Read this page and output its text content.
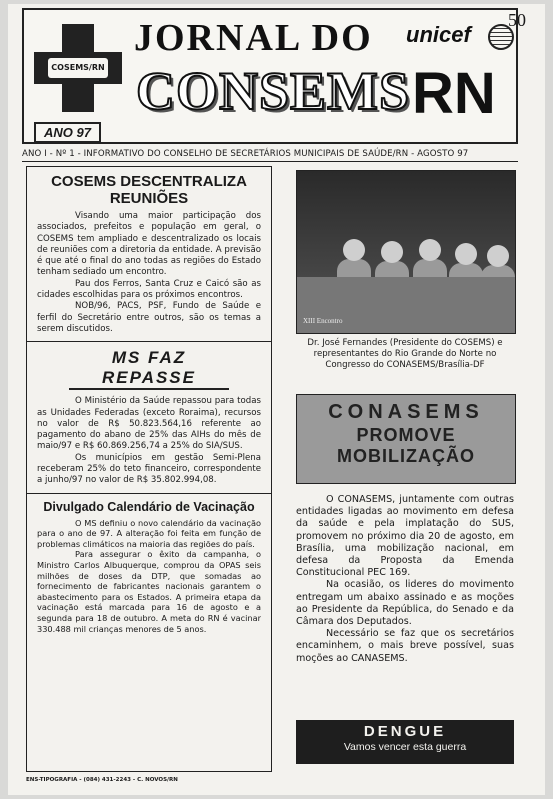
COSEMS/RN
ANO 97
JORNAL DO
CONSEMS RN
unicef
50
ANO I - Nº 1 - INFORMATIVO DO CONSELHO DE SECRETÁRIOS MUNICIPAIS DE SAÚDE/RN - AGOSTO 97
COSEMS DESCENTRALIZA REUNIÕES

Visando uma maior participação dos associados, prefeitos e população em geral, o COSEMS tem ampliado e descentralizado os locais de reuniões com a diretoria da entidade. A previsão é que até o final do ano todas as regiões do Estado tenham sediado um encontro.

Pau dos Ferros, Santa Cruz e Caicó são as cidades escolhidas para os próximos encontros.

NOB/96, PACS, PSF, Fundo de Saúde e ferfil do Secretário entre outros, são os temas a serem discutidos.

MS FAZ REPASSE

O Ministério da Saúde repassou para todas as Unidades Federadas (exceto Roraima), recursos no valor de R$ 50.823.564,16 referente ao pagamento do abano de 25% das AIHs do mês de maio/97 e R$ 60.869.256,74 a 25% do SIA/SUS.

Os municípios em gestão Semi-Plena receberam 25% do teto financeiro, correspondente a junho/97 no valor de R$ 35.802.994,08.

Divulgado Calendário de Vacinação

O MS definiu o novo calendário da vacinação para o ano de 97. A alteração foi feita em função de problemas climáticos na maioria das regiões do país.

Para assegurar o êxito da campanha, o Ministro Carlos Albuquerque, comprou da OPAS seis milhões de doses da DTP, que somadas ao fornecimento de fabricantes nacionais garantem o abastecimento para os Estados. A primeira etapa da vacinação está marcada para 16 de agosto e a segunda para 18 de outubro. A meta do RN é vacinar 330.488 mil crianças menores de 5 anos.

XIII Encontro
Dr. José Fernandes (Presidente do COSEMS) e representantes do Rio Grande do Norte no Congresso do CONASEMS/Brasília-DF
CONASEMS
PROMOVE
MOBILIZAÇÃO

O CONASEMS, juntamente com outras entidades ligadas ao movimento em defesa da saúde e pela implatação do SUS, promovem no próximo dia 20 de agosto, em Brasília, uma mobilização nacional, em defesa da Proposta da Emenda Constitucional PEC 169.

Na ocasião, os lideres do movimento entregam um abaixo assinado e as moções ao Presidente da República, do Senado e da Câmara dos Deputados.

Necessário se faz que os secretários encaminhem, o mais breve possível, suas moções ao CANASEMS.

DENGUE
Vamos vencer esta guerra
ENS-TIPOGRAFIA - (084) 431-2243 - C. NOVOS/RN
